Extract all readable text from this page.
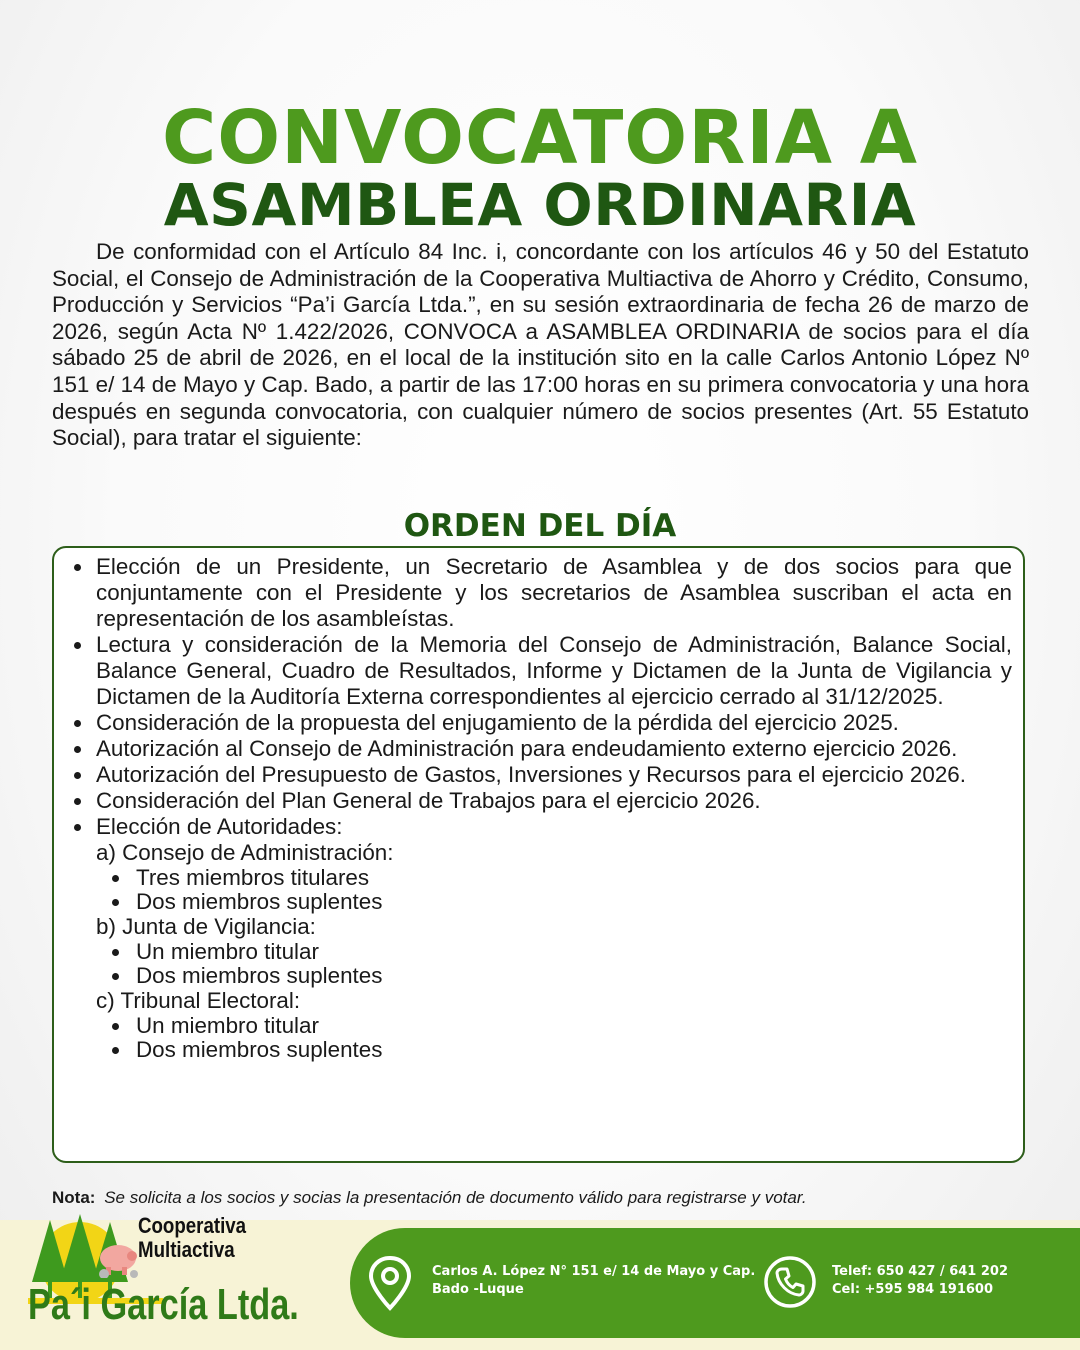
CONVOCATORIA A
ASAMBLEA ORDINARIA

De conformidad con el Artículo 84 Inc. i, concordante con los artículos 46 y 50 del Estatuto Social, el Consejo de Administración de la Cooperativa Multiactiva de Ahorro y Crédito, Consumo, Producción y Servicios “Pa’i García Ltda.”, en su sesión extraordinaria de fecha 26 de marzo de 2026, según Acta Nº 1.422/2026, CONVOCA a ASAMBLEA ORDINARIA de socios para el día sábado 25 de abril de 2026, en el local de la institución sito en la calle Carlos Antonio López Nº 151 e/ 14 de Mayo y Cap. Bado, a partir de las 17:00 horas en su primera convocatoria y una hora después en segunda convocatoria, con cualquier número de socios presentes (Art. 55 Estatuto Social), para tratar el siguiente:

ORDEN DEL DÍA
Elección de un Presidente, un Secretario de Asamblea y de dos socios para que conjuntamente con el Presidente y los secretarios de Asamblea suscriban el acta en representación de los asambleístas.
Lectura y consideración de la Memoria del Consejo de Administración, Balance Social, Balance General, Cuadro de Resultados, Informe y Dictamen de la Junta de Vigilancia y Dictamen de la Auditoría Externa correspondientes al ejercicio cerrado al 31/12/2025.
Consideración de la propuesta del enjugamiento de la pérdida del ejercicio 2025.
Autorización al Consejo de Administración para endeudamiento externo ejercicio 2026.
Autorización del Presupuesto de Gastos, Inversiones y Recursos para el ejercicio 2026.
Consideración del Plan General de Trabajos para el ejercicio 2026.
Elección de Autoridades:
a) Consejo de Administración:
Tres miembros titulares
Dos miembros suplentes
b) Junta de Vigilancia:
Un miembro titular
Dos miembros suplentes
c) Tribunal Electoral:
Un miembro titular
Dos miembros suplentes
Nota: Se solicita a los socios y socias la presentación de documento válido para registrarse y votar.
Cooperativa
Multiactiva
Pa´i García Ltda.
Carlos A. López N° 151 e/ 14 de Mayo y Cap.
Bado -Luque
Telef: 650 427 / 641 202
Cel: +595 984 191600
